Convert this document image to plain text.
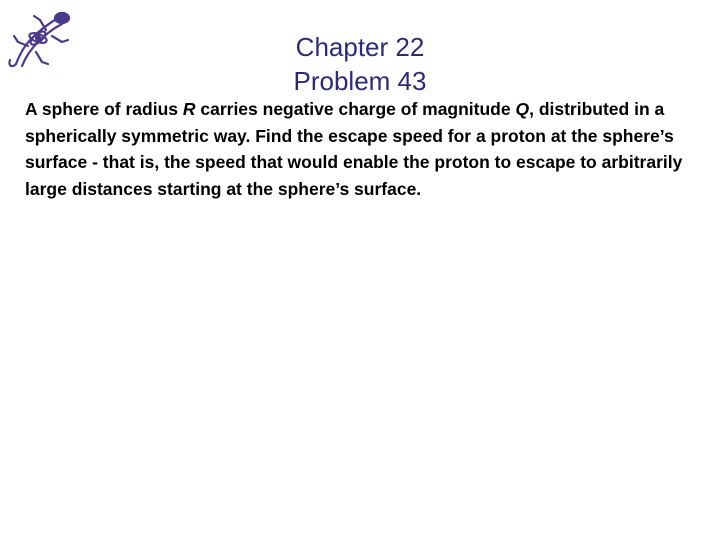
Chapter 22
Problem 43

A sphere of radius R carries negative charge of magnitude Q, distributed in a spherically symmetric way. Find the escape speed for a proton at the sphere’s surface - that is, the speed that would enable the proton to escape to arbitrarily large distances starting at the sphere’s surface.
